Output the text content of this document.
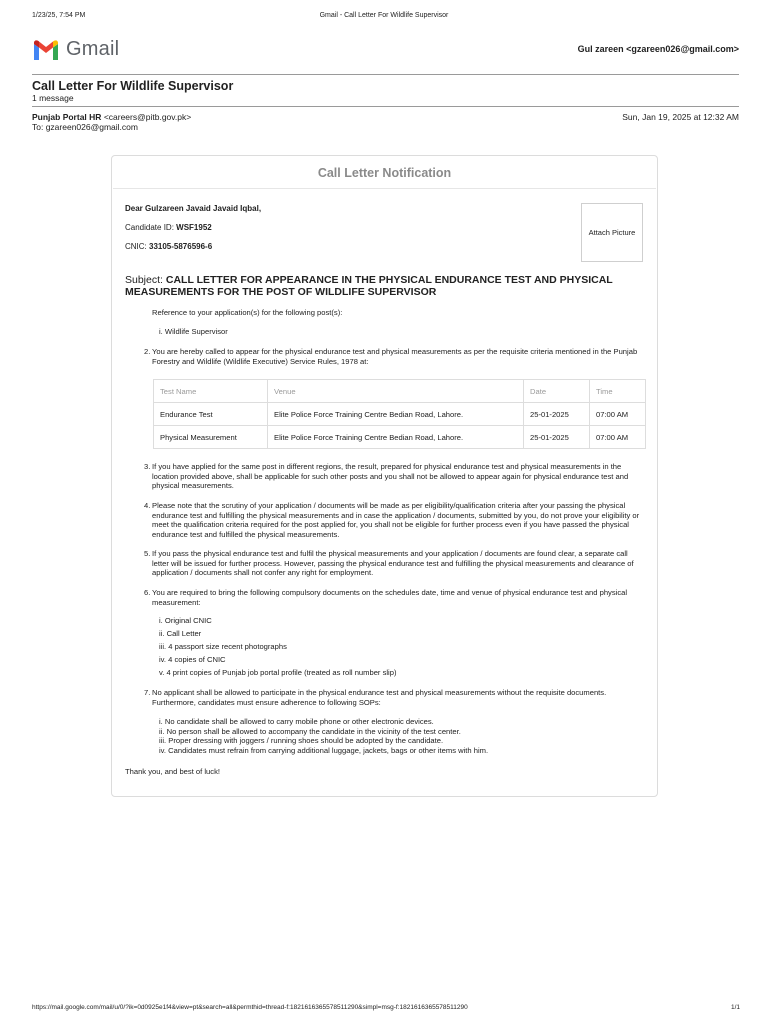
1/23/25, 7:54 PM	Gmail - Call Letter For Wildlife Supervisor
Gmail	Gul zareen <gzareen026@gmail.com>
Call Letter For Wildlife Supervisor
1 message
Punjab Portal HR <careers@pitb.gov.pk>
To: gzareen026@gmail.com
Sun, Jan 19, 2025 at 12:32 AM
Call Letter Notification
Dear Gulzareen Javaid Javaid Iqbal,
Candidate ID: WSF1952
CNIC: 33105-5876596-6
Attach Picture
Subject: CALL LETTER FOR APPEARANCE IN THE PHYSICAL ENDURANCE TEST AND PHYSICAL MEASUREMENTS FOR THE POST OF WILDLIFE SUPERVISOR
Reference to your application(s) for the following post(s):
i. Wildlife Supervisor
2. You are hereby called to appear for the physical endurance test and physical measurements as per the requisite criteria mentioned in the Punjab Forestry and Wildlife (Wildlife Executive) Service Rules, 1978 at:
Test Name	Venue	Date	Time
Endurance Test	Elite Police Force Training Centre Bedian Road, Lahore.	25-01-2025	07:00 AM
Physical Measurement	Elite Police Force Training Centre Bedian Road, Lahore.	25-01-2025	07:00 AM
3. If you have applied for the same post in different regions, the result, prepared for physical endurance test and physical measurements in the location provided above, shall be applicable for such other posts and you shall not be allowed to appear again for physical endurance test and physical measurements.
4. Please note that the scrutiny of your application / documents will be made as per eligibility/qualification criteria after your passing the physical endurance test and fulfilling the physical measurements and in case the application / documents, submitted by you, do not prove your eligibility or meet the qualification criteria required for the post applied for, you shall not be eligible for further process even if you have passed the physical endurance test and fulfilled the physical measurements.
5. If you pass the physical endurance test and fulfil the physical measurements and your application / documents are found clear, a separate call letter will be issued for further process. However, passing the physical endurance test and fulfilling the physical measurements and clearance of application / documents shall not confer any right for employment.
6. You are required to bring the following compulsory documents on the schedules date, time and venue of physical endurance test and physical measurement:
i. Original CNIC
ii. Call Letter
iii. 4 passport size recent photographs
iv. 4 copies of CNIC
v. 4 print copies of Punjab job portal profile (treated as roll number slip)
7. No applicant shall be allowed to participate in the physical endurance test and physical measurements without the requisite documents. Furthermore, candidates must ensure adherence to following SOPs:
i. No candidate shall be allowed to carry mobile phone or other electronic devices.
ii. No person shall be allowed to accompany the candidate in the vicinity of the test center.
iii. Proper dressing with joggers / running shoes should be adopted by the candidate.
iv. Candidates must refrain from carrying additional luggage, jackets, bags or other items with him.
Thank you, and best of luck!
https://mail.google.com/mail/u/0/?ik=0d0925e1f4&view=pt&search=all&permthid=thread-f:1821616365578511290&simpl=msg-f:1821616365578511290	1/1
